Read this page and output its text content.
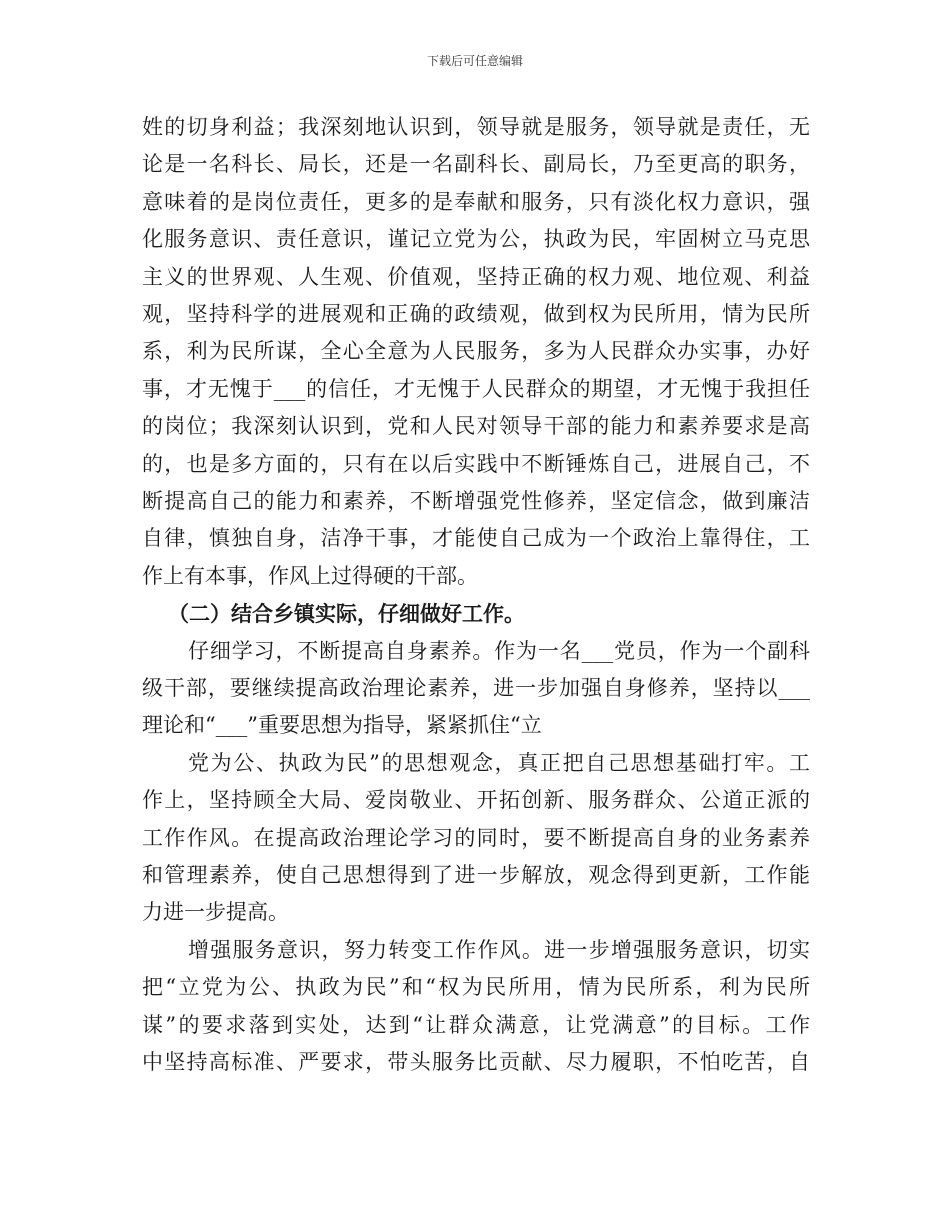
下载后可任意编辑
姓的切身利益；我深刻地认识到，领导就是服务，领导就是责任，无
论是一名科长、局长，还是一名副科长、副局长，乃至更高的职务，
意味着的是岗位责任，更多的是奉献和服务，只有淡化权力意识，强
化服务意识、责任意识，谨记立党为公，执政为民，牢固树立马克思
主义的世界观、人生观、价值观，坚持正确的权力观、地位观、利益
观，坚持科学的进展观和正确的政绩观，做到权为民所用，情为民所
系，利为民所谋，全心全意为人民服务，多为人民群众办实事，办好
事，才无愧于___的信任，才无愧于人民群众的期望，才无愧于我担任
的岗位；我深刻认识到，党和人民对领导干部的能力和素养要求是高
的，也是多方面的，只有在以后实践中不断锤炼自己，进展自己，不
断提高自己的能力和素养，不断增强党性修养，坚定信念，做到廉洁
自律，慎独自身，洁净干事，才能使自己成为一个政治上靠得住，工
作上有本事，作风上过得硬的干部。
（二）结合乡镇实际，仔细做好工作。
仔细学习，不断提高自身素养。作为一名___党员，作为一个副科
级干部，要继续提高政治理论素养，进一步加强自身修养，坚持以___
理论和“___”重要思想为指导，紧紧抓住“立
党为公、执政为民”的思想观念，真正把自己思想基础打牢。工
作上，坚持顾全大局、爱岗敬业、开拓创新、服务群众、公道正派的
工作作风。在提高政治理论学习的同时，要不断提高自身的业务素养
和管理素养，使自己思想得到了进一步解放，观念得到更新，工作能
力进一步提高。
增强服务意识，努力转变工作作风。进一步增强服务意识，切实
把“立党为公、执政为民”和“权为民所用，情为民所系，利为民所
谋”的要求落到实处，达到“让群众满意，让党满意”的目标。工作
中坚持高标准、严要求，带头服务比贡献、尽力履职，不怕吃苦，自
